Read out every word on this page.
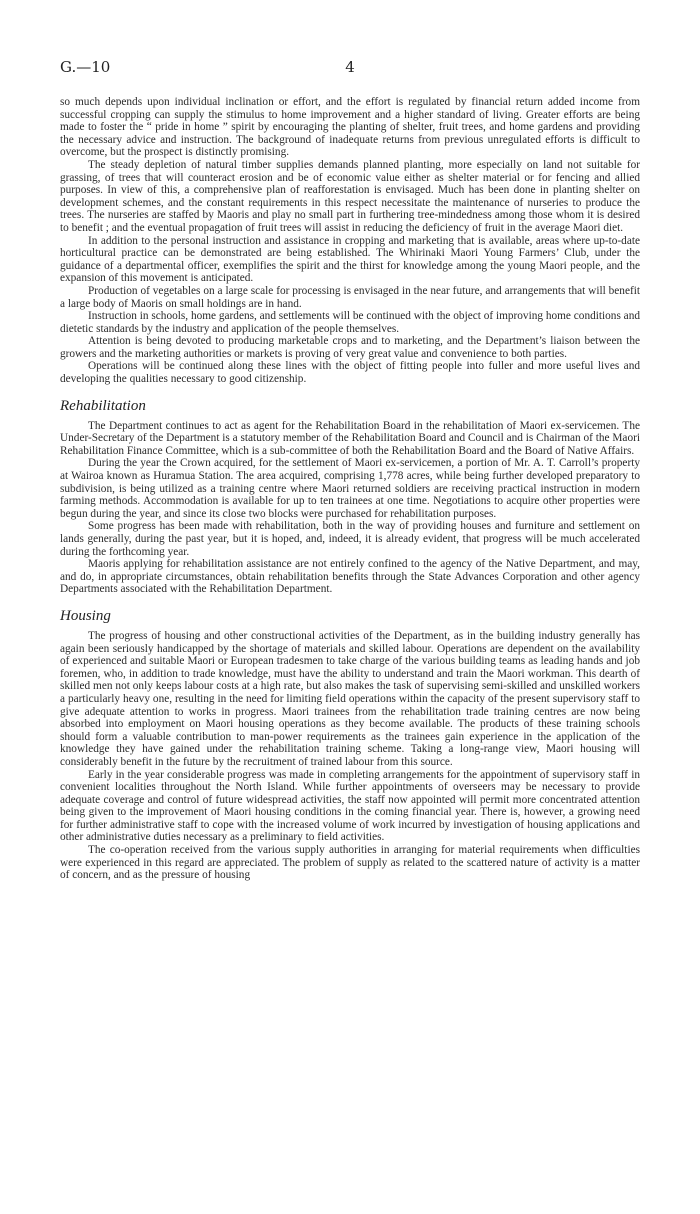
G.—10	4

so much depends upon individual inclination or effort, and the effort is regulated by financial return added income from successful cropping can supply the stimulus to home improvement and a higher standard of living. Greater efforts are being made to foster the “ pride in home ” spirit by encouraging the planting of shelter, fruit trees, and home gardens and providing the necessary advice and instruction. The background of inadequate returns from previous unregulated efforts is difficult to overcome, but the prospect is distinctly promising.

The steady depletion of natural timber supplies demands planned planting, more especially on land not suitable for grassing, of trees that will counteract erosion and be of economic value either as shelter material or for fencing and allied purposes. In view of this, a comprehensive plan of reafforestation is envisaged. Much has been done in planting shelter on development schemes, and the constant requirements in this respect necessitate the maintenance of nurseries to produce the trees. The nurseries are staffed by Maoris and play no small part in furthering tree-mindedness among those whom it is desired to benefit ; and the eventual propagation of fruit trees will assist in reducing the deficiency of fruit in the average Maori diet.

In addition to the personal instruction and assistance in cropping and marketing that is available, areas where up-to-date horticultural practice can be demonstrated are being established. The Whirinaki Maori Young Farmers’ Club, under the guidance of a departmental officer, exemplifies the spirit and the thirst for knowledge among the young Maori people, and the expansion of this movement is anticipated.

Production of vegetables on a large scale for processing is envisaged in the near future, and arrangements that will benefit a large body of Maoris on small holdings are in hand.

Instruction in schools, home gardens, and settlements will be continued with the object of improving home conditions and dietetic standards by the industry and application of the people themselves.

Attention is being devoted to producing marketable crops and to marketing, and the Department’s liaison between the growers and the marketing authorities or markets is proving of very great value and convenience to both parties.

Operations will be continued along these lines with the object of fitting people into fuller and more useful lives and developing the qualities necessary to good citizenship.

Rehabilitation

The Department continues to act as agent for the Rehabilitation Board in the rehabilitation of Maori ex-servicemen. The Under-Secretary of the Department is a statutory member of the Rehabilitation Board and Council and is Chairman of the Maori Rehabilitation Finance Committee, which is a sub-committee of both the Rehabilitation Board and the Board of Native Affairs.

During the year the Crown acquired, for the settlement of Maori ex-servicemen, a portion of Mr. A. T. Carroll’s property at Wairoa known as Huramua Station. The area acquired, comprising 1,778 acres, while being further developed preparatory to subdivision, is being utilized as a training centre where Maori returned soldiers are receiving practical instruction in modern farming methods. Accommodation is available for up to ten trainees at one time. Negotiations to acquire other properties were begun during the year, and since its close two blocks were purchased for rehabilitation purposes.

Some progress has been made with rehabilitation, both in the way of providing houses and furniture and settlement on lands generally, during the past year, but it is hoped, and, indeed, it is already evident, that progress will be much accelerated during the forthcoming year.

Maoris applying for rehabilitation assistance are not entirely confined to the agency of the Native Department, and may, and do, in appropriate circumstances, obtain rehabilitation benefits through the State Advances Corporation and other agency Departments associated with the Rehabilitation Department.

Housing

The progress of housing and other constructional activities of the Department, as in the building industry generally has again been seriously handicapped by the shortage of materials and skilled labour. Operations are dependent on the availability of experienced and suitable Maori or European tradesmen to take charge of the various building teams as leading hands and job foremen, who, in addition to trade knowledge, must have the ability to understand and train the Maori workman. This dearth of skilled men not only keeps labour costs at a high rate, but also makes the task of supervising semi-skilled and unskilled workers a particularly heavy one, resulting in the need for limiting field operations within the capacity of the present supervisory staff to give adequate attention to works in progress. Maori trainees from the rehabilitation trade training centres are now being absorbed into employment on Maori housing operations as they become available. The products of these training schools should form a valuable contribution to man-power requirements as the trainees gain experience in the application of the knowledge they have gained under the rehabilitation training scheme. Taking a long-range view, Maori housing will considerably benefit in the future by the recruitment of trained labour from this source.

Early in the year considerable progress was made in completing arrangements for the appointment of supervisory staff in convenient localities throughout the North Island. While further appointments of overseers may be necessary to provide adequate coverage and control of future widespread activities, the staff now appointed will permit more concentrated attention being given to the improvement of Maori housing conditions in the coming financial year. There is, however, a growing need for further administrative staff to cope with the increased volume of work incurred by investigation of housing applications and other administrative duties necessary as a preliminary to field activities.

The co-operation received from the various supply authorities in arranging for material requirements when difficulties were experienced in this regard are appreciated. The problem of supply as related to the scattered nature of activity is a matter of concern, and as the pressure of housing
